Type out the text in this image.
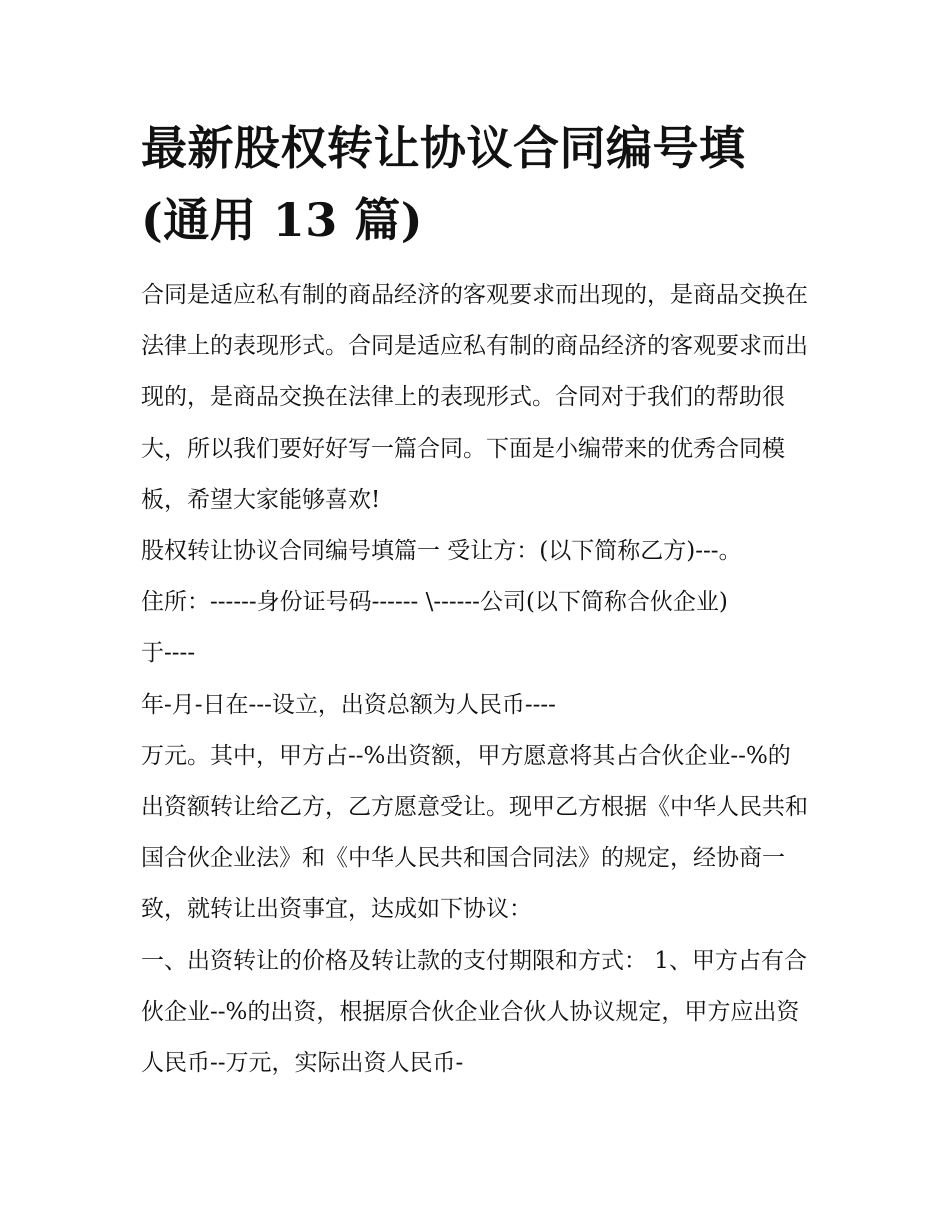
最新股权转让协议合同编号填
(通用 13 篇)

合同是适应私有制的商品经济的客观要求而出现的，是商品交换在法律上的表现形式。合同是适应私有制的商品经济的客观要求而出现的，是商品交换在法律上的表现形式。合同对于我们的帮助很大，所以我们要好好写一篇合同。下面是小编带来的优秀合同模板，希望大家能够喜欢!

股权转让协议合同编号填篇一 受让方：(以下简称乙方)---。

住所：------身份证号码------ \------公司(以下简称合伙企业)

于----

年-月-日在---设立，出资总额为人民币----

万元。其中，甲方占--%出资额，甲方愿意将其占合伙企业--%的出资额转让给乙方，乙方愿意受让。现甲乙方根据《中华人民共和国合伙企业法》和《中华人民共和国合同法》的规定，经协商一致，就转让出资事宜，达成如下协议：

一、出资转让的价格及转让款的支付期限和方式： 1、甲方占有合伙企业--%的出资，根据原合伙企业合伙人协议规定，甲方应出资人民币--万元，实际出资人民币-
